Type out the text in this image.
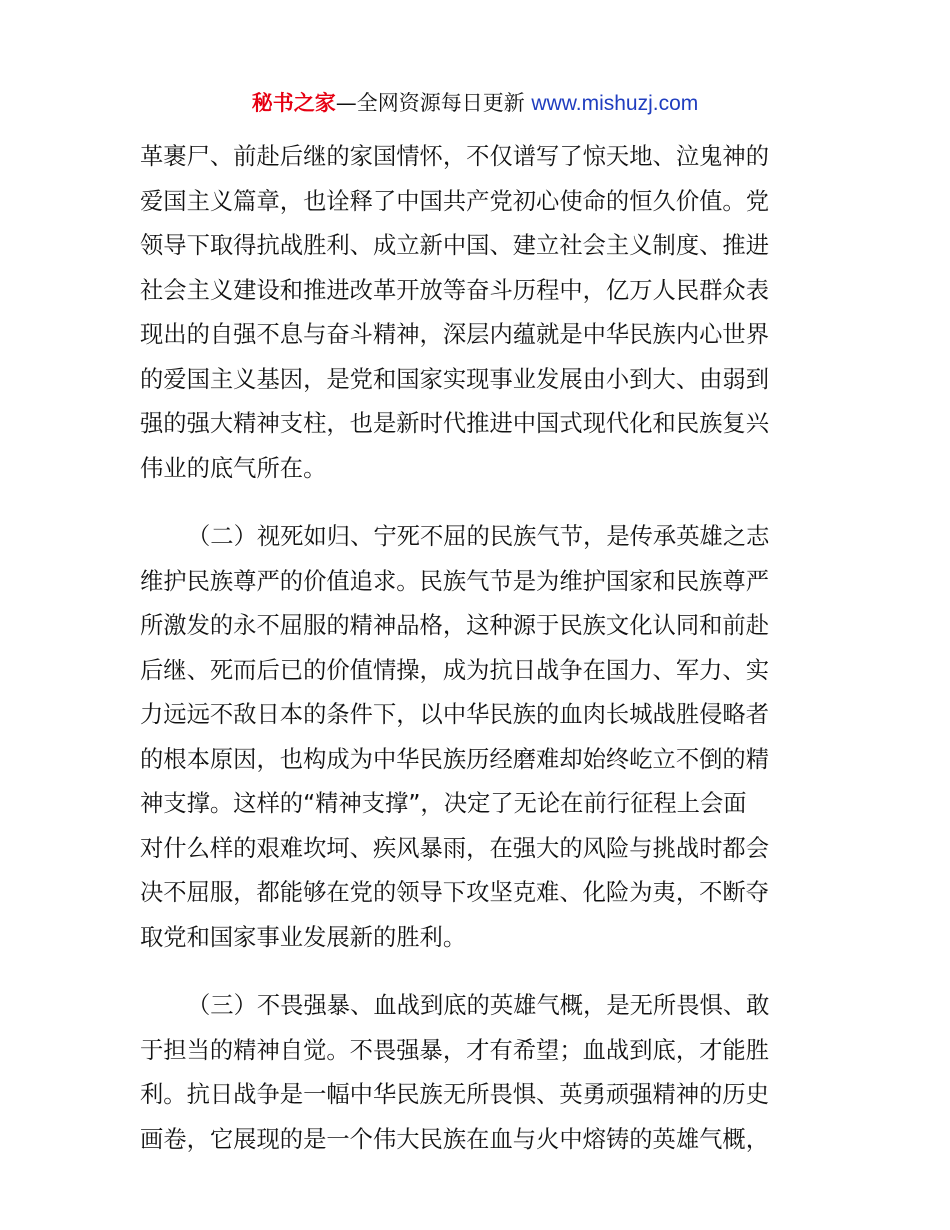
秘书之家—全网资源每日更新 www.mishuzj.com
革裹尸、前赴后继的家国情怀，不仅谱写了惊天地、泣鬼神的
爱国主义篇章，也诠释了中国共产党初心使命的恒久价值。党
领导下取得抗战胜利、成立新中国、建立社会主义制度、推进
社会主义建设和推进改革开放等奋斗历程中，亿万人民群众表
现出的自强不息与奋斗精神，深层内蕴就是中华民族内心世界
的爱国主义基因，是党和国家实现事业发展由小到大、由弱到
强的强大精神支柱，也是新时代推进中国式现代化和民族复兴
伟业的底气所在。
（二）视死如归、宁死不屈的民族气节，是传承英雄之志
维护民族尊严的价值追求。民族气节是为维护国家和民族尊严
所激发的永不屈服的精神品格，这种源于民族文化认同和前赴
后继、死而后已的价值情操，成为抗日战争在国力、军力、实
力远远不敌日本的条件下，以中华民族的血肉长城战胜侵略者
的根本原因，也构成为中华民族历经磨难却始终屹立不倒的精
神支撑。这样的“精神支撑”，决定了无论在前行征程上会面
对什么样的艰难坎坷、疾风暴雨，在强大的风险与挑战时都会
决不屈服，都能够在党的领导下攻坚克难、化险为夷，不断夺
取党和国家事业发展新的胜利。
（三）不畏强暴、血战到底的英雄气概，是无所畏惧、敢
于担当的精神自觉。不畏强暴，才有希望；血战到底，才能胜
利。抗日战争是一幅中华民族无所畏惧、英勇顽强精神的历史
画卷，它展现的是一个伟大民族在血与火中熔铸的英雄气概，
